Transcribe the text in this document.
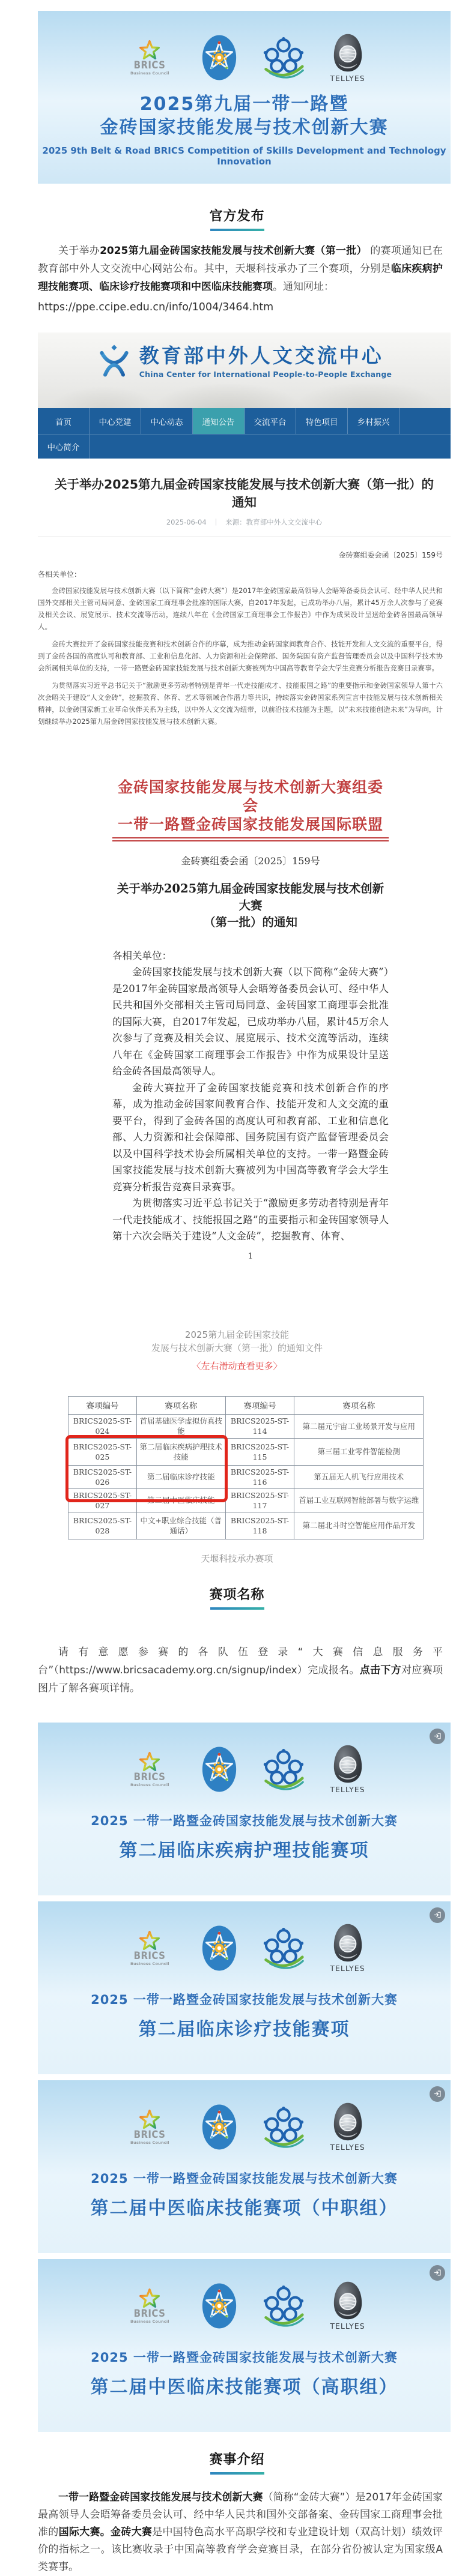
BRICS
Business Council
TELLYES
2025第九届一带一路暨
金砖国家技能发展与技术创新大赛
2025 9th Belt & Road BRICS Competition of Skills Development and Technology Innovation
官方发布

关于举办2025第九届金砖国家技能发展与技术创新大赛（第一批） 的赛项通知已在教育部中外人文交流中心网站公布。其中，天堰科技承办了三个赛项，分别是临床疾病护理技能赛项、临床诊疗技能赛项和中医临床技能赛项。通知网址：

https://ppe.ccipe.edu.cn/info/1004/3464.htm

教育部中外人文交流中心
China Center for International People-to-People Exchange
首页	中心党建	中心动态	通知公告	交流平台	特色项目	乡村振兴
中心简介
关于举办2025第九届金砖国家技能发展与技术创新大赛（第一批）的通知
2025-06-04 ｜ 来源：教育部中外人文交流中心
金砖赛组委会函〔2025〕159号
各相关单位：

金砖国家技能发展与技术创新大赛（以下简称“金砖大赛”）是2017年金砖国家最高领导人会晤筹备委员会认可、经中华人民共和国外交部相关主管司局同意、金砖国家工商理事会批准的国际大赛，自2017年发起，已成功举办八届，累计45万余人次参与了竞赛及相关会议、展览展示、技术交流等活动，连续八年在《金砖国家工商理事会工作报告》中作为成果设计呈送给金砖各国最高领导人。

金砖大赛拉开了金砖国家技能竞赛和技术创新合作的序幕，成为推动金砖国家间教育合作、技能开发和人文交流的重要平台，得到了金砖各国的高度认可和教育部、工业和信息化部、人力资源和社会保障部、国务院国有资产监督管理委员会以及中国科学技术协会所属相关单位的支持，一带一路暨金砖国家技能发展与技术创新大赛被列为中国高等教育学会大学生竞赛分析报告竞赛目录赛事。

为贯彻落实习近平总书记关于“激励更多劳动者特别是青年一代走技能成才、技能报国之路”的重要指示和金砖国家领导人第十六次会晤关于建设“人文金砖”，挖掘教育、体育、艺术等领域合作潜力等共识，持续落实金砖国家系列宣言中技能发展与技术创新相关精神，以金砖国家新工业革命伙伴关系为主线，以中外人文交流为纽带，以前沿技术技能为主题，以“未来技能创造未来”为导向，计划继续举办2025第九届金砖国家技能发展与技术创新大赛。

金砖国家技能发展与技术创新大赛组委会
一带一路暨金砖国家技能发展国际联盟
金砖赛组委会函〔2025〕159号
关于举办2025第九届金砖国家技能发展与技术创新大赛
（第一批）的通知
各相关单位：

金砖国家技能发展与技术创新大赛（以下简称“金砖大赛”）是2017年金砖国家最高领导人会晤筹备委员会认可、经中华人民共和国外交部相关主管司局同意、金砖国家工商理事会批准的国际大赛，自2017年发起，已成功举办八届，累计45万余人次参与了竞赛及相关会议、展览展示、技术交流等活动，连续八年在《金砖国家工商理事会工作报告》中作为成果设计呈送给金砖各国最高领导人。

金砖大赛拉开了金砖国家技能竞赛和技术创新合作的序幕，成为推动金砖国家间教育合作、技能开发和人文交流的重要平台，得到了金砖各国的高度认可和教育部、工业和信息化部、人力资源和社会保障部、国务院国有资产监督管理委员会以及中国科学技术协会所属相关单位的支持。一带一路暨金砖国家技能发展与技术创新大赛被列为中国高等教育学会大学生竞赛分析报告竞赛目录赛事。

为贯彻落实习近平总书记关于“激励更多劳动者特别是青年一代走技能成才、技能报国之路”的重要指示和金砖国家领导人第十六次会晤关于建设“人文金砖”，挖掘教育、体育、

1
2025第九届金砖国家技能
发展与技术创新大赛（第一批）的通知文件
〈左右滑动查看更多〉
赛项编号	赛项名称	赛项编号	赛项名称
BRICS2025-ST-024	首届基础医学虚拟仿真技能	BRICS2025-ST-114	第二届元宇宙工业场景开发与应用
BRICS2025-ST-025	第二届临床疾病护理技术技能	BRICS2025-ST-115	第三届工业零件智能检测
BRICS2025-ST-026	第二届临床诊疗技能	BRICS2025-ST-116	第五届无人机飞行应用技术
BRICS2025-ST-027	第二届中医临床技能	BRICS2025-ST-117	首届工业互联网智能部署与数字运维
BRICS2025-ST-028	中文+职业综合技能（普通话）	BRICS2025-ST-118	第二届北斗时空智能应用作品开发
天堰科技承办赛项
赛项名称

请有意愿参赛的各队伍登录“大赛信息服务平台”（https://www.bricsacademy.org.cn/signup/index）完成报名。点击下方对应赛项图片了解各赛项详情。

BRICS
Business Council
TELLYES
2025 一带一路暨金砖国家技能发展与技术创新大赛
第二届临床疾病护理技能赛项
BRICS
Business Council
TELLYES
2025 一带一路暨金砖国家技能发展与技术创新大赛
第二届临床诊疗技能赛项
BRICS
Business Council
TELLYES
2025 一带一路暨金砖国家技能发展与技术创新大赛
第二届中医临床技能赛项（中职组）
BRICS
Business Council
TELLYES
2025 一带一路暨金砖国家技能发展与技术创新大赛
第二届中医临床技能赛项（高职组）
赛事介绍

一带一路暨金砖国家技能发展与技术创新大赛（简称“金砖大赛”）是2017年金砖国家最高领导人会晤筹备委员会认可、经中华人民共和国外交部备案、金砖国家工商理事会批准的国际大赛。金砖大赛是中国特色高水平高职学校和专业建设计划（双高计划）绩效评价的指标之一。该比赛收录于中国高等教育学会竞赛目录，在部分省份被认定为国家级A类赛事。
